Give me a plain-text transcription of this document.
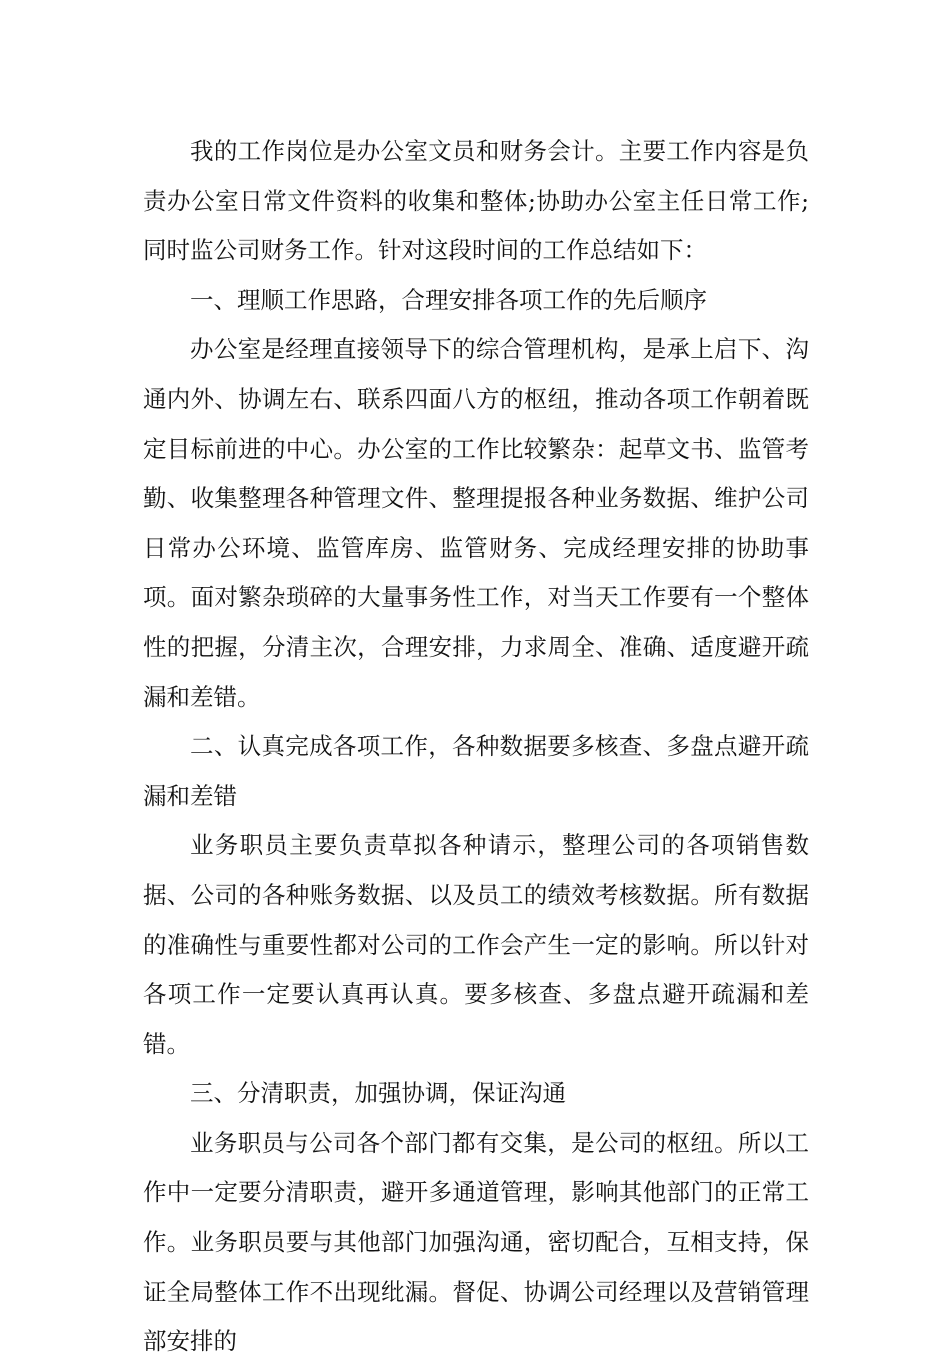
我的工作岗位是办公室文员和财务会计。主要工作内容是负责办公室日常文件资料的收集和整体;协助办公室主任日常工作;同时监公司财务工作。针对这段时间的工作总结如下：

一、理顺工作思路，合理安排各项工作的先后顺序

办公室是经理直接领导下的综合管理机构，是承上启下、沟通内外、协调左右、联系四面八方的枢纽，推动各项工作朝着既定目标前进的中心。办公室的工作比较繁杂：起草文书、监管考勤、收集整理各种管理文件、整理提报各种业务数据、维护公司日常办公环境、监管库房、监管财务、完成经理安排的协助事项。面对繁杂琐碎的大量事务性工作，对当天工作要有一个整体性的把握，分清主次，合理安排，力求周全、准确、适度避开疏漏和差错。

二、认真完成各项工作，各种数据要多核查、多盘点避开疏漏和差错

业务职员主要负责草拟各种请示，整理公司的各项销售数据、公司的各种账务数据、以及员工的绩效考核数据。所有数据的准确性与重要性都对公司的工作会产生一定的影响。所以针对各项工作一定要认真再认真。要多核查、多盘点避开疏漏和差错。

三、分清职责，加强协调，保证沟通

业务职员与公司各个部门都有交集，是公司的枢纽。所以工作中一定要分清职责，避开多通道管理，影响其他部门的正常工作。业务职员要与其他部门加强沟通，密切配合，互相支持，保证全局整体工作不出现纰漏。督促、协调公司经理以及营销管理部安排的
